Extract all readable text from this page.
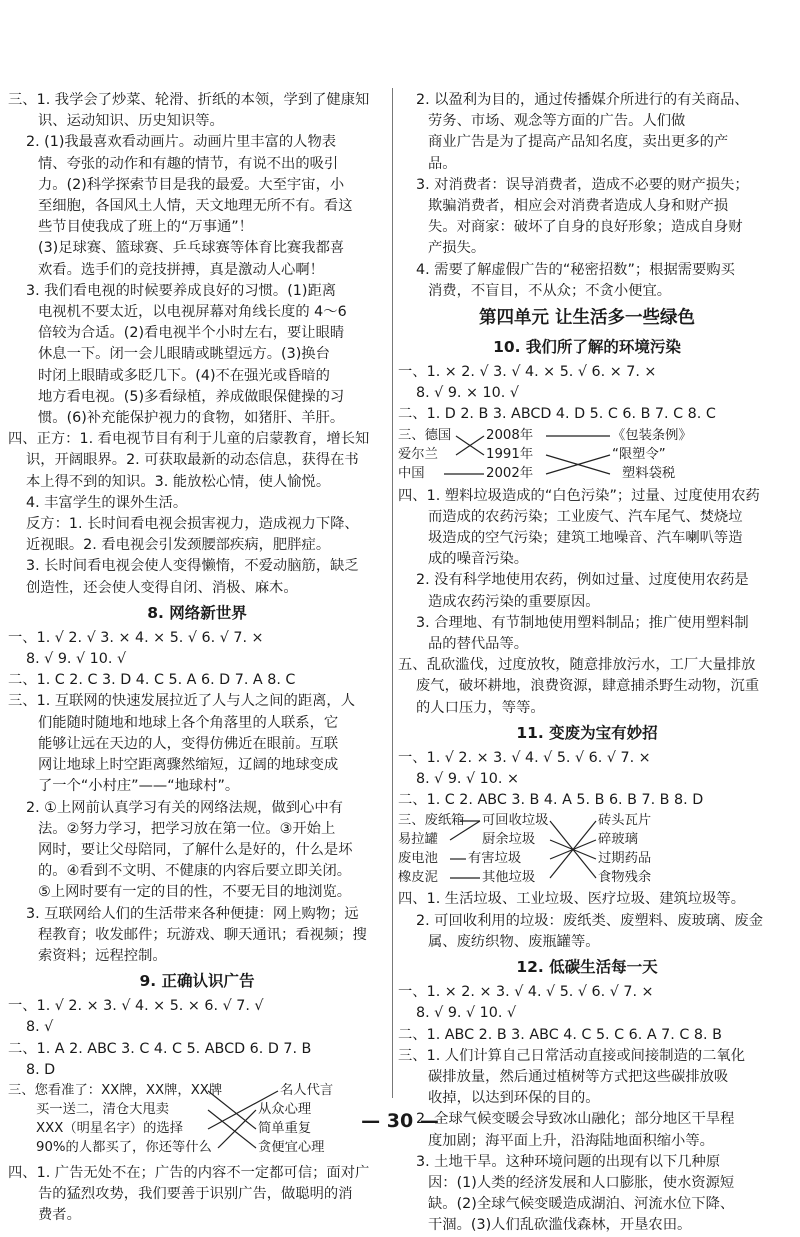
三、1. 我学会了炒菜、轮滑、折纸的本领，学到了健康知

识、运动知识、历史知识等。

2. (1)我最喜欢看动画片。动画片里丰富的人物表

情、夸张的动作和有趣的情节，有说不出的吸引

力。(2)科学探索节目是我的最爱。大至宇宙，小

至细胞，各国风土人情，天文地理无所不有。看这

些节目使我成了班上的“万事通”！

(3)足球赛、篮球赛、乒乓球赛等体育比赛我都喜

欢看。选手们的竞技拼搏，真是激动人心啊！

3. 我们看电视的时候要养成良好的习惯。(1)距离

电视机不要太近，以电视屏幕对角线长度的 4～6

倍较为合适。(2)看电视半个小时左右，要让眼睛

休息一下。闭一会儿眼睛或眺望远方。(3)换台

时闭上眼睛或多眨几下。(4)不在强光或昏暗的

地方看电视。(5)多看绿植，养成做眼保健操的习

惯。(6)补充能保护视力的食物，如猪肝、羊肝。

四、正方：1. 看电视节目有利于儿童的启蒙教育，增长知

识，开阔眼界。2. 可获取最新的动态信息，获得在书

本上得不到的知识。3. 能放松心情，使人愉悦。

4. 丰富学生的课外生活。

反方：1. 长时间看电视会损害视力，造成视力下降、

近视眼。2. 看电视会引发颈腰部疾病，肥胖症。

3. 长时间看电视会使人变得懒惰，不爱动脑筋，缺乏

创造性，还会使人变得自闭、消极、麻木。

8. 网络新世界

一、1. √ 2. √ 3. × 4. × 5. √ 6. √ 7. ×

8. √ 9. √ 10. √

二、1. C 2. C 3. D 4. C 5. A 6. D 7. A 8. C

三、1. 互联网的快速发展拉近了人与人之间的距离，人

们能随时随地和地球上各个角落里的人联系，它

能够让远在天边的人，变得仿佛近在眼前。互联

网让地球上时空距离骤然缩短，辽阔的地球变成

了一个“小村庄”——“地球村”。

2. ①上网前认真学习有关的网络法规，做到心中有

法。②努力学习，把学习放在第一位。③开始上

网时，要让父母陪同，了解什么是好的，什么是坏

的。④看到不文明、不健康的内容后要立即关闭。

⑤上网时要有一定的目的性，不要无目的地浏览。

3. 互联网给人们的生活带来各种便捷：网上购物；远

程教育；收发邮件；玩游戏、聊天通讯；看视频；搜

索资料；远程控制。

9. 正确认识广告

一、1. √ 2. × 3. √ 4. × 5. × 6. √ 7. √

8. √

二、1. A 2. ABC 3. C 4. C 5. ABCD 6. D 7. B

8. D

三、您看准了：XX牌，XX牌，XX牌
买一送二，清仓大甩卖
XXX（明星名字）的选择
90%的人都买了，你还等什么
名人代言
从众心理
简单重复
贪便宜心理

四、1. 广告无处不在；广告的内容不一定都可信；面对广

告的猛烈攻势，我们要善于识别广告，做聪明的消

费者。

2. 以盈利为目的，通过传播媒介所进行的有关商品、

劳务、市场、观念等方面的广告。人们做

商业广告是为了提高产品知名度，卖出更多的产

品。

3. 对消费者：误导消费者，造成不必要的财产损失；

欺骗消费者，相应会对消费者造成人身和财产损

失。对商家：破坏了自身的良好形象；造成自身财

产损失。

4. 需要了解虚假广告的“秘密招数”；根据需要购买

消费，不盲目，不从众；不贪小便宜。

第四单元 让生活多一些绿色
10. 我们所了解的环境污染

一、1. × 2. √ 3. √ 4. × 5. √ 6. × 7. ×

8. √ 9. × 10. √

二、1. D 2. B 3. ABCD 4. D 5. C 6. B 7. C 8. C

三、德国
爱尔兰
中国
2008年
1991年
2002年
《包装条例》
“限塑令”
塑料袋税

四、1. 塑料垃圾造成的“白色污染”；过量、过度使用农药

而造成的农药污染；工业废气、汽车尾气、焚烧垃

圾造成的空气污染；建筑工地噪音、汽车喇叭等造

成的噪音污染。

2. 没有科学地使用农药，例如过量、过度使用农药是

造成农药污染的重要原因。

3. 合理地、有节制地使用塑料制品；推广使用塑料制

品的替代品等。

五、乱砍滥伐，过度放牧，随意排放污水，工厂大量排放

废气，破坏耕地，浪费资源，肆意捕杀野生动物，沉重

的人口压力，等等。

11. 变废为宝有妙招

一、1. √ 2. × 3. √ 4. √ 5. √ 6. √ 7. ×

8. √ 9. √ 10. ×

二、1. C 2. ABC 3. B 4. A 5. B 6. B 7. B 8. D

三、废纸箱
易拉罐
废电池
橡皮泥
可回收垃圾
厨余垃圾
有害垃圾
其他垃圾
砖头瓦片
碎玻璃
过期药品
食物残余

四、1. 生活垃圾、工业垃圾、医疗垃圾、建筑垃圾等。

2. 可回收利用的垃圾：废纸类、废塑料、废玻璃、废金

属、废纺织物、废瓶罐等。

12. 低碳生活每一天

一、1. × 2. × 3. √ 4. √ 5. √ 6. √ 7. ×

8. √ 9. √ 10. √

二、1. ABC 2. B 3. ABC 4. C 5. C 6. A 7. C 8. B

三、1. 人们计算自己日常活动直接或间接制造的二氧化

碳排放量，然后通过植树等方式把这些碳排放吸

收掉，以达到环保的目的。

2. 全球气候变暖会导致冰山融化；部分地区干旱程

度加剧；海平面上升，沿海陆地面积缩小等。

3. 土地干旱。这种环境问题的出现有以下几种原

因：(1)人类的经济发展和人口膨胀，使水资源短

缺。(2)全球气候变暖造成湖泊、河流水位下降、

干涸。(3)人们乱砍滥伐森林，开垦农田。

— 30 —
